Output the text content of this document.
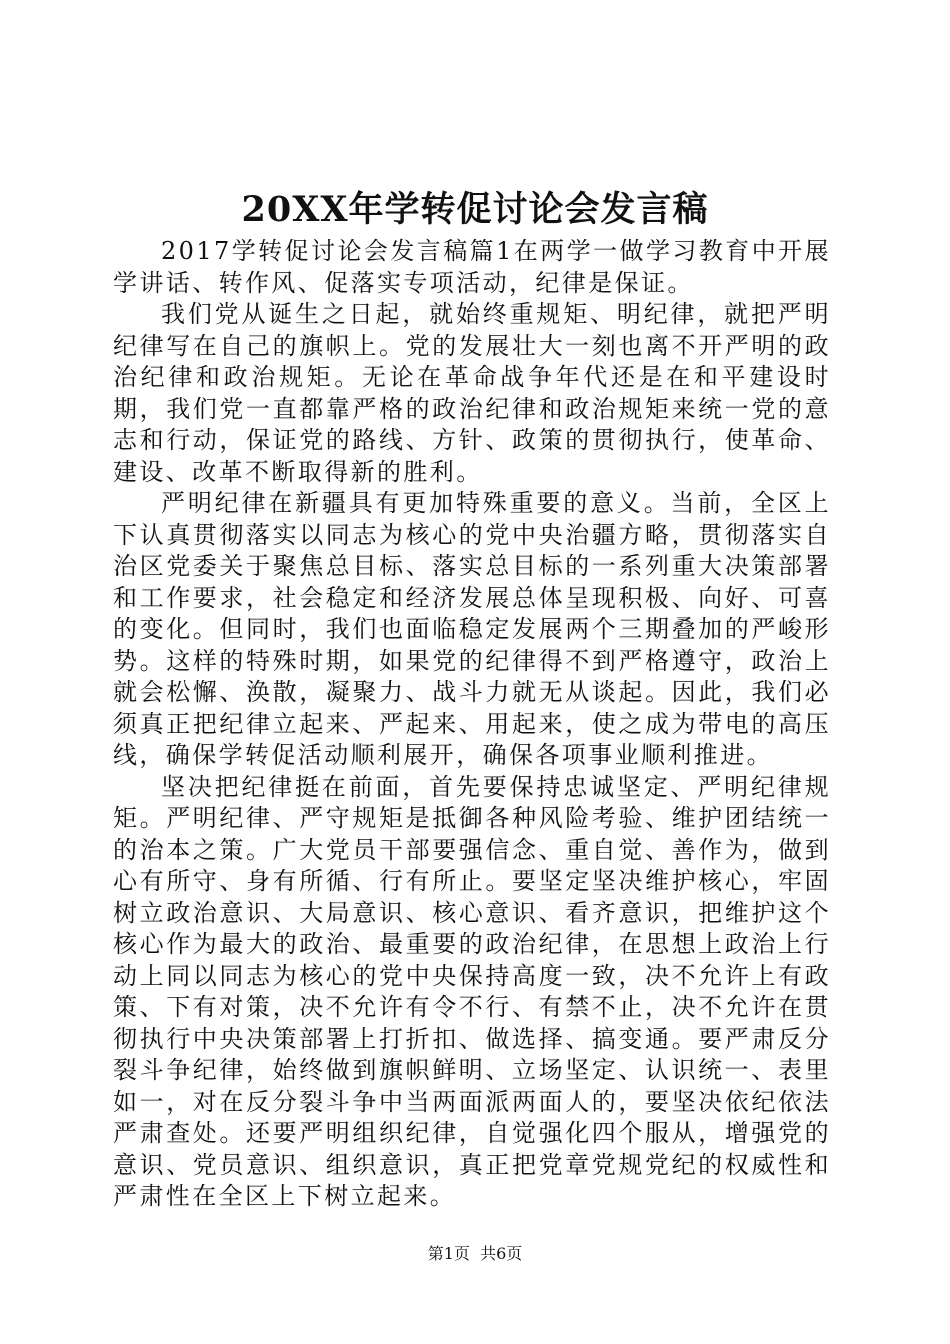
20XX年学转促讨论会发言稿

2017学转促讨论会发言稿篇1在两学一做学习教育中开展学讲话、转作风、促落实专项活动，纪律是保证。

我们党从诞生之日起，就始终重规矩、明纪律，就把严明纪律写在自己的旗帜上。党的发展壮大一刻也离不开严明的政治纪律和政治规矩。无论在革命战争年代还是在和平建设时期，我们党一直都靠严格的政治纪律和政治规矩来统一党的意志和行动，保证党的路线、方针、政策的贯彻执行，使革命、建设、改革不断取得新的胜利。

严明纪律在新疆具有更加特殊重要的意义。当前，全区上下认真贯彻落实以同志为核心的党中央治疆方略，贯彻落实自治区党委关于聚焦总目标、落实总目标的一系列重大决策部署和工作要求，社会稳定和经济发展总体呈现积极、向好、可喜的变化。但同时，我们也面临稳定发展两个三期叠加的严峻形势。这样的特殊时期，如果党的纪律得不到严格遵守，政治上就会松懈、涣散，凝聚力、战斗力就无从谈起。因此，我们必须真正把纪律立起来、严起来、用起来，使之成为带电的高压线，确保学转促活动顺利展开，确保各项事业顺利推进。

坚决把纪律挺在前面，首先要保持忠诚坚定、严明纪律规矩。严明纪律、严守规矩是抵御各种风险考验、维护团结统一的治本之策。广大党员干部要强信念、重自觉、善作为，做到心有所守、身有所循、行有所止。要坚定坚决维护核心，牢固树立政治意识、大局意识、核心意识、看齐意识，把维护这个核心作为最大的政治、最重要的政治纪律，在思想上政治上行动上同以同志为核心的党中央保持高度一致，决不允许上有政策、下有对策，决不允许有令不行、有禁不止，决不允许在贯彻执行中央决策部署上打折扣、做选择、搞变通。要严肃反分裂斗争纪律，始终做到旗帜鲜明、立场坚定、认识统一、表里如一，对在反分裂斗争中当两面派两面人的，要坚决依纪依法严肃查处。还要严明组织纪律，自觉强化四个服从，增强党的意识、党员意识、组织意识，真正把党章党规党纪的权威性和严肃性在全区上下树立起来。

第1页 共6页
